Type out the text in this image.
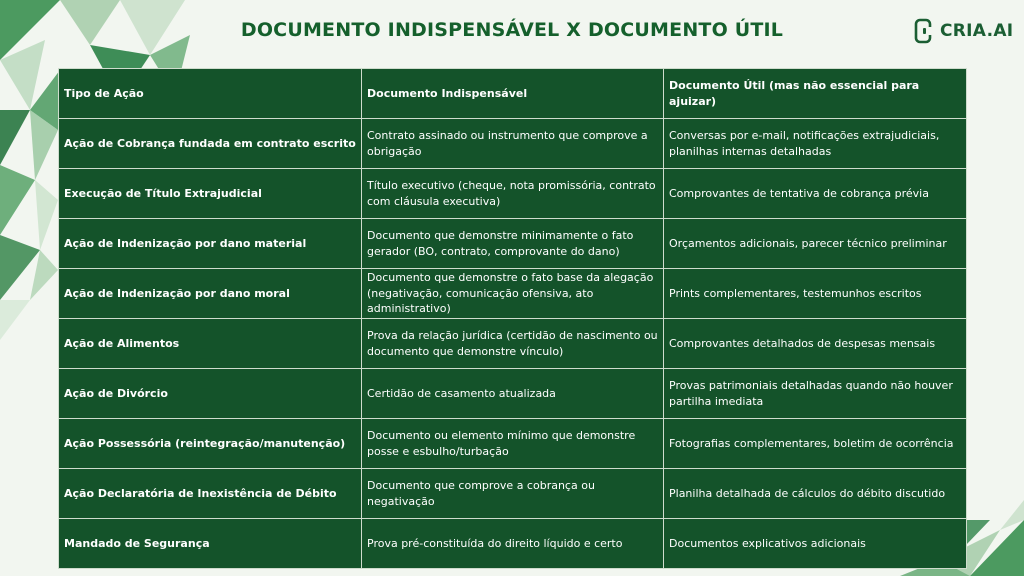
DOCUMENTO INDISPENSÁVEL X DOCUMENTO ÚTIL	CRIA.AI
Tipo de Ação	Documento Indispensável	Documento Útil (mas não essencial para ajuizar)
Ação de Cobrança fundada em contrato escrito	Contrato assinado ou instrumento que comprove a obrigação	Conversas por e-mail, notificações extrajudiciais, planilhas internas detalhadas
Execução de Título Extrajudicial	Título executivo (cheque, nota promissória, contrato com cláusula executiva)	Comprovantes de tentativa de cobrança prévia
Ação de Indenização por dano material	Documento que demonstre minimamente o fato gerador (BO, contrato, comprovante do dano)	Orçamentos adicionais, parecer técnico preliminar
Ação de Indenização por dano moral	Documento que demonstre o fato base da alegação (negativação, comunicação ofensiva, ato administrativo)	Prints complementares, testemunhos escritos
Ação de Alimentos	Prova da relação jurídica (certidão de nascimento ou documento que demonstre vínculo)	Comprovantes detalhados de despesas mensais
Ação de Divórcio	Certidão de casamento atualizada	Provas patrimoniais detalhadas quando não houver partilha imediata
Ação Possessória (reintegração/manutenção)	Documento ou elemento mínimo que demonstre posse e esbulho/turbação	Fotografias complementares, boletim de ocorrência
Ação Declaratória de Inexistência de Débito	Documento que comprove a cobrança ou negativação	Planilha detalhada de cálculos do débito discutido
Mandado de Segurança	Prova pré-constituída do direito líquido e certo	Documentos explicativos adicionais
